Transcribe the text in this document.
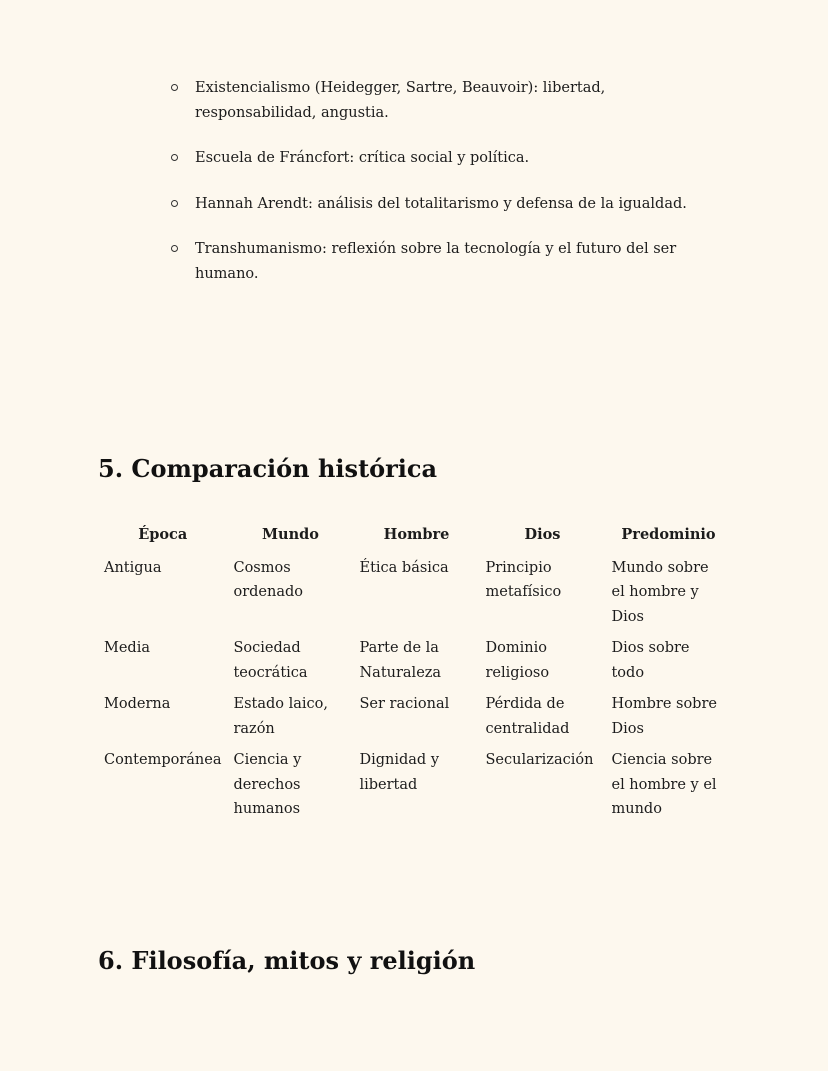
Existencialismo (Heidegger, Sartre, Beauvoir): libertad, responsabilidad, angustia.
Escuela de Fráncfort: crítica social y política.
Hannah Arendt: análisis del totalitarismo y defensa de la igualdad.
Transhumanismo: reflexión sobre la tecnología y el futuro del ser humano.
5. Comparación histórica
Época	Mundo	Hombre	Dios	Predominio
Antigua	Cosmos ordenado	Ética básica	Principio metafísico	Mundo sobre el hombre y Dios
Media	Sociedad teocrática	Parte de la Naturaleza	Dominio religioso	Dios sobre todo
Moderna	Estado laico, razón	Ser racional	Pérdida de centralidad	Hombre sobre Dios
Contemporánea	Ciencia y derechos humanos	Dignidad y libertad	Secularización	Ciencia sobre el hombre y el mundo
6. Filosofía, mitos y religión
